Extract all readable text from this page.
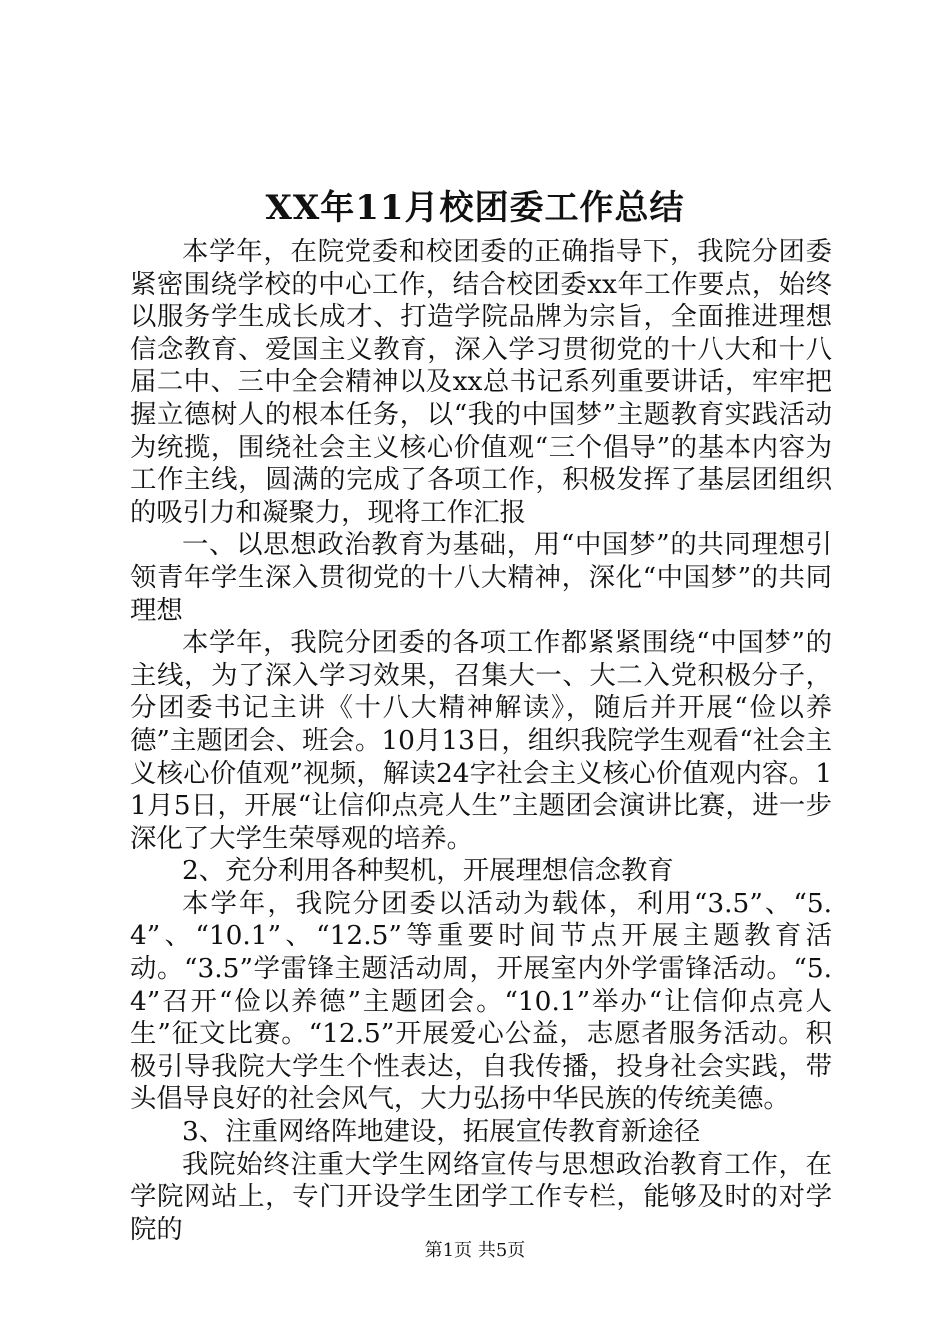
XX年11月校团委工作总结

本学年，在院党委和校团委的正确指导下，我院分团委紧密围绕学校的中心工作，结合校团委xx年工作要点，始终以服务学生成长成才、打造学院品牌为宗旨，全面推进理想信念教育、爱国主义教育，深入学习贯彻党的十八大和十八届二中、三中全会精神以及xx总书记系列重要讲话，牢牢把握立德树人的根本任务，以“我的中国梦”主题教育实践活动为统揽，围绕社会主义核心价值观“三个倡导”的基本内容为工作主线，圆满的完成了各项工作，积极发挥了基层团组织的吸引力和凝聚力，现将工作汇报

一、以思想政治教育为基础，用“中国梦”的共同理想引领青年学生深入贯彻党的十八大精神，深化“中国梦”的共同理想

本学年，我院分团委的各项工作都紧紧围绕“中国梦”的主线，为了深入学习效果，召集大一、大二入党积极分子，分团委书记主讲《十八大精神解读》，随后并开展“俭以养德”主题团会、班会。10月13日，组织我院学生观看“社会主义核心价值观”视频，解读24字社会主义核心价值观内容。11月5日，开展“让信仰点亮人生”主题团会演讲比赛，进一步深化了大学生荣辱观的培养。

2、充分利用各种契机，开展理想信念教育

本学年，我院分团委以活动为载体，利用“3.5”、“5.4”、“10.1”、“12.5”等重要时间节点开展主题教育活动。“3.5”学雷锋主题活动周，开展室内外学雷锋活动。“5.4”召开“俭以养德”主题团会。“10.1”举办“让信仰点亮人生”征文比赛。“12.5”开展爱心公益，志愿者服务活动。积极引导我院大学生个性表达，自我传播，投身社会实践，带头倡导良好的社会风气，大力弘扬中华民族的传统美德。

3、注重网络阵地建设，拓展宣传教育新途径

我院始终注重大学生网络宣传与思想政治教育工作，在学院网站上，专门开设学生团学工作专栏，能够及时的对学院的

第1页 共5页
